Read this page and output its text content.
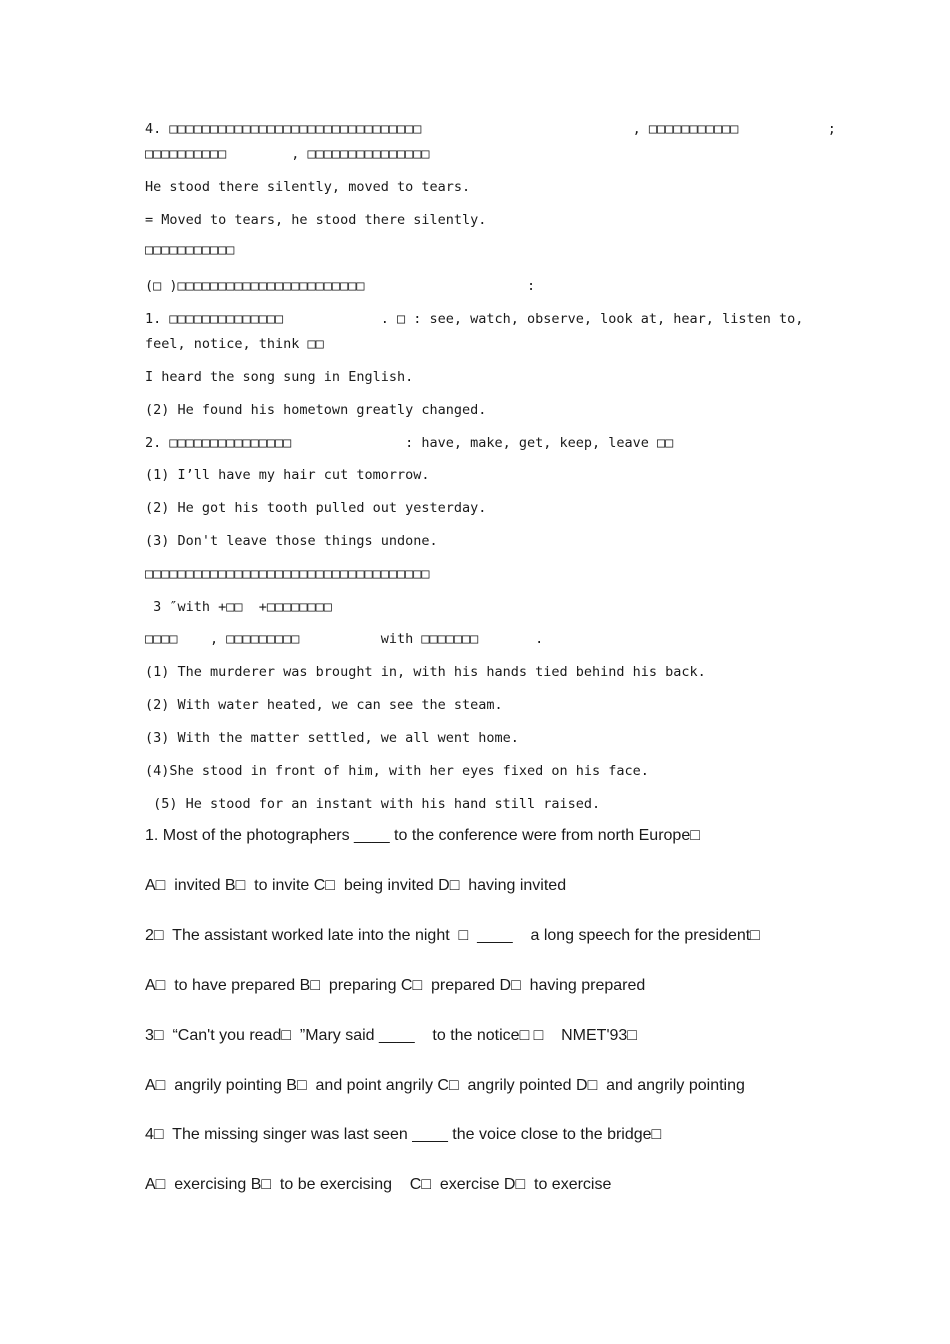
4. □□□□□□□□□□□□□□□□□□□□□□□□□□□□□□□                          , □□□□□□□□□□□           ;
□□□□□□□□□□        , □□□□□□□□□□□□□□□
He stood there silently, moved to tears.
= Moved to tears, he stood there silently.
□□□□□□□□□□□
(□ )□□□□□□□□□□□□□□□□□□□□□□□                    :
1. □□□□□□□□□□□□□□            . □ : see, watch, observe, look at, hear, listen to,
feel, notice, think □□
I heard the song sung in English.
(2) He found his hometown greatly changed.
2. □□□□□□□□□□□□□□□              : have, make, get, keep, leave □□
(1) I’ll have my hair cut tomorrow.
(2) He got his tooth pulled out yesterday.
(3) Don't leave those things undone.
□□□□□□□□□□□□□□□□□□□□□□□□□□□□□□□□□□□
3 ″with +□□  +□□□□□□□□
□□□□    , □□□□□□□□□          with □□□□□□□       .
(1) The murderer was brought in, with his hands tied behind his back.
(2) With water heated, we can see the steam.
(3) With the matter settled, we all went home.
(4)She stood in front of him, with her eyes fixed on his face.
(5) He stood for an instant with his hand still raised.
1. Most of the photographers ____ to the conference were from north Europe□
A□  invited B□  to invite C□  being invited D□  having invited
2□  The assistant worked late into the night  □  ____    a long speech for the president□
A□  to have prepared B□  preparing C□  prepared D□  having prepared
3□  “Can't you read□  ”Mary said ____    to the notice□ □    NMET'93□
A□  angrily pointing B□  and point angrily C□  angrily pointed D□  and angrily pointing
4□  The missing singer was last seen ____ the voice close to the bridge□
A□  exercising B□  to be exercising    C□  exercise D□  to exercise
